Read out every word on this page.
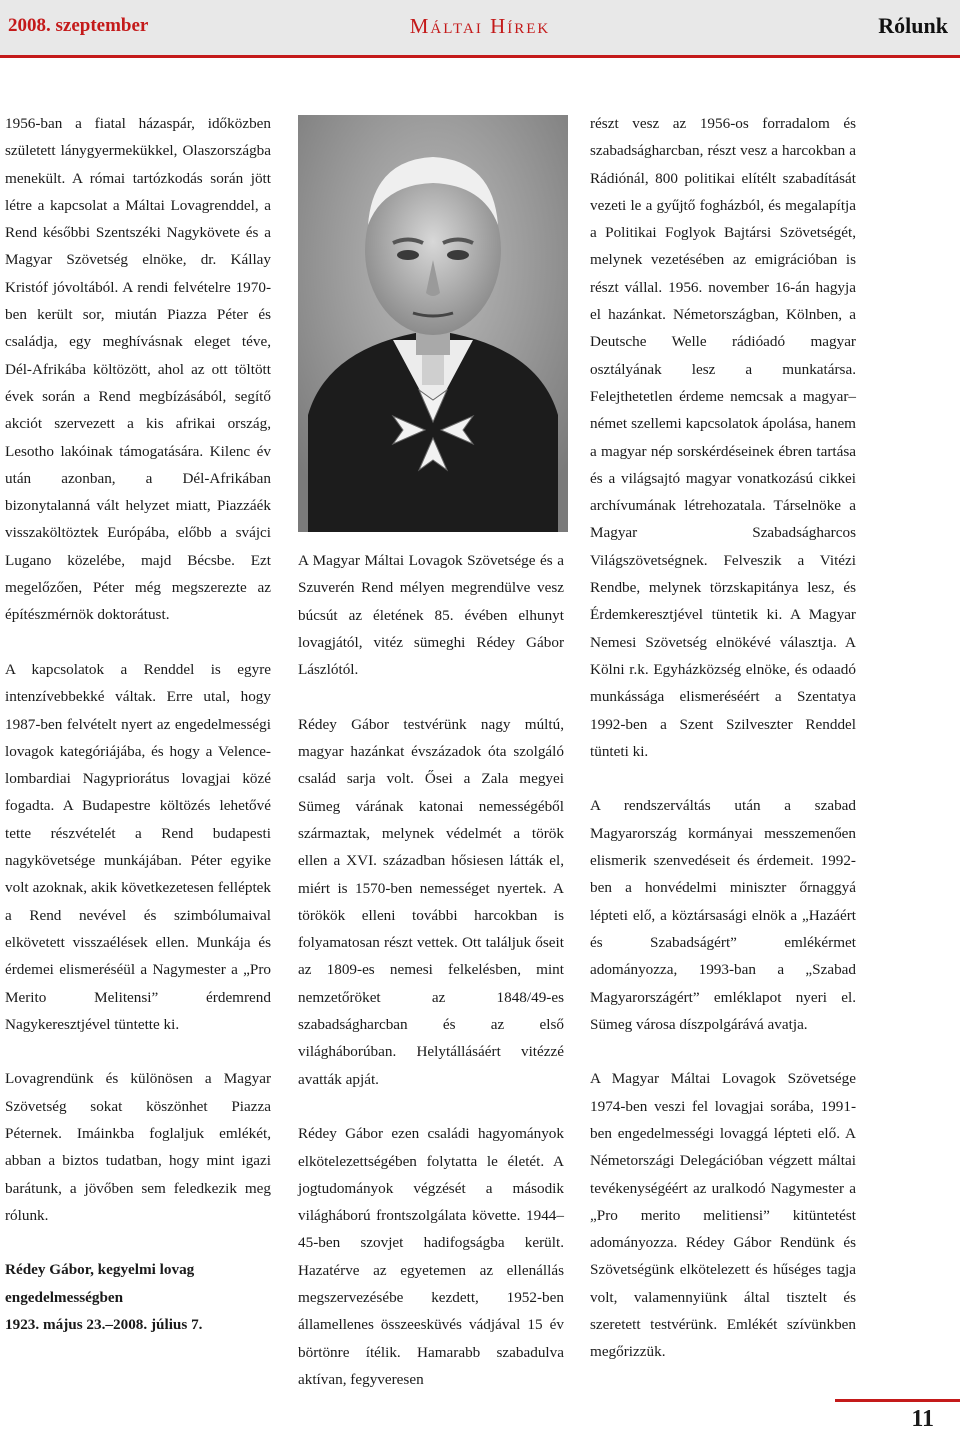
2008. szeptember	Máltai Hírek	Rólunk

1956-ban a fiatal házaspár, időközben született lánygyermekükkel, Olaszországba menekült. A római tartózkodás során jött létre a kapcsolat a Máltai Lovagrenddel, a Rend későbbi Szentszéki Nagykövete és a Magyar Szövetség elnöke, dr. Kállay Kristóf jóvoltából. A rendi felvételre 1970-ben került sor, miután Piazza Péter és családja, egy meghívásnak eleget téve, Dél-Afrikába költözött, ahol az ott töltött évek során a Rend megbízásából, segítő akciót szervezett a kis afrikai ország, Lesotho lakóinak támogatására. Kilenc év után azonban, a Dél-Afrikában bizonytalanná vált helyzet miatt, Piazzáék visszaköltöztek Európába, előbb a svájci Lugano közelébe, majd Bécsbe. Ezt megelőzően, Péter még megszerezte az építészmérnök doktorátust.

A kapcsolatok a Renddel is egyre intenzívebbekké váltak. Erre utal, hogy 1987-ben felvételt nyert az engedelmességi lovagok kategóriájába, és hogy a Velence-lombardiai Nagypriorátus lovagjai közé fogadta. A Budapestre költözés lehetővé tette részvételét a Rend budapesti nagykövetsége munkájában. Péter egyike volt azoknak, akik következetesen felléptek a Rend nevével és szimbólumaival elkövetett visszaélések ellen. Munkája és érdemei elismeréséül a Nagymester a „Pro Merito Melitensi” érdemrend Nagykeresztjével tüntette ki.

Lovagrendünk és különösen a Magyar Szövetség sokat köszönhet Piazza Péternek. Imáinkba foglaljuk emlékét, abban a biztos tudatban, hogy mint igazi barátunk, a jövőben sem feledkezik meg rólunk.

Rédey Gábor, kegyelmi lovag engedelmességben
1923. május 23.–2008. július 7.

A Magyar Máltai Lovagok Szövetsége és a Szuverén Rend mélyen megrendülve vesz búcsút az életének 85. évében elhunyt lovagjától, vitéz sümeghi Rédey Gábor Lászlótól.

Rédey Gábor testvérünk nagy múltú, magyar hazánkat évszázadok óta szolgáló család sarja volt. Ősei a Zala megyei Sümeg várának katonai nemességéből származtak, melynek védelmét a török ellen a XVI. században hősiesen látták el, miért is 1570-ben nemességet nyertek. A törökök elleni további harcokban is folyamatosan részt vettek. Ott találjuk őseit az 1809-es nemesi felkelésben, mint nemzetőröket az 1848/49-es szabadságharcban és az első világháborúban. Helytállásáért vitézzé avatták apját.

Rédey Gábor ezen családi hagyományok elkötelezettségében folytatta le életét. A jogtudományok végzését a második világháború frontszolgálata követte. 1944–45-ben szovjet hadifogságba került. Hazatérve az egyetemen az ellenállás megszervezésébe kezdett, 1952-ben államellenes összeesküvés vádjával 15 év börtönre ítélik. Hamarabb szabadulva aktívan, fegyveresen

részt vesz az 1956-os forradalom és szabadságharcban, részt vesz a harcokban a Rádiónál, 800 politikai elítélt szabadítását vezeti le a gyűjtő fogházból, és megalapítja a Politikai Foglyok Bajtársi Szövetségét, melynek vezetésében az emigrációban is részt vállal. 1956. november 16-án hagyja el hazánkat. Németországban, Kölnben, a Deutsche Welle rádióadó magyar osztályának lesz a munkatársa. Felejthetetlen érdeme nemcsak a magyar–német szellemi kapcsolatok ápolása, hanem a magyar nép sorskérdéseinek ébren tartása és a világsajtó magyar vonatkozású cikkei archívumának létrehozatala. Társelnöke a Magyar Szabadságharcos Világszövetségnek. Felveszik a Vitézi Rendbe, melynek törzskapitánya lesz, és Érdemkeresztjével tüntetik ki. A Magyar Nemesi Szövetség elnökévé választja. A Kölni r.k. Egyházközség elnöke, és odaadó munkássága elismeréséért a Szentatya 1992-ben a Szent Szilveszter Renddel tünteti ki.

A rendszerváltás után a szabad Magyarország kormányai messzemenően elismerik szenvedéseit és érdemeit. 1992-ben a honvédelmi miniszter őrnaggyá lépteti elő, a köztársasági elnök a „Hazáért és Szabadságért” emlékérmet adományozza, 1993-ban a „Szabad Magyarországért” emléklapot nyeri el. Sümeg városa díszpolgárává avatja.

A Magyar Máltai Lovagok Szövetsége 1974-ben veszi fel lovagjai sorába, 1991-ben engedelmességi lovaggá lépteti elő. A Németországi Delegációban végzett máltai tevékenységéért az uralkodó Nagymester a „Pro merito melitiensi” kitüntetést adományozza. Rédey Gábor Rendünk és Szövetségünk elkötelezett és hűséges tagja volt, valamennyiünk által tisztelt és szeretett testvérünk. Emlékét szívünkben megőrizzük.

11
